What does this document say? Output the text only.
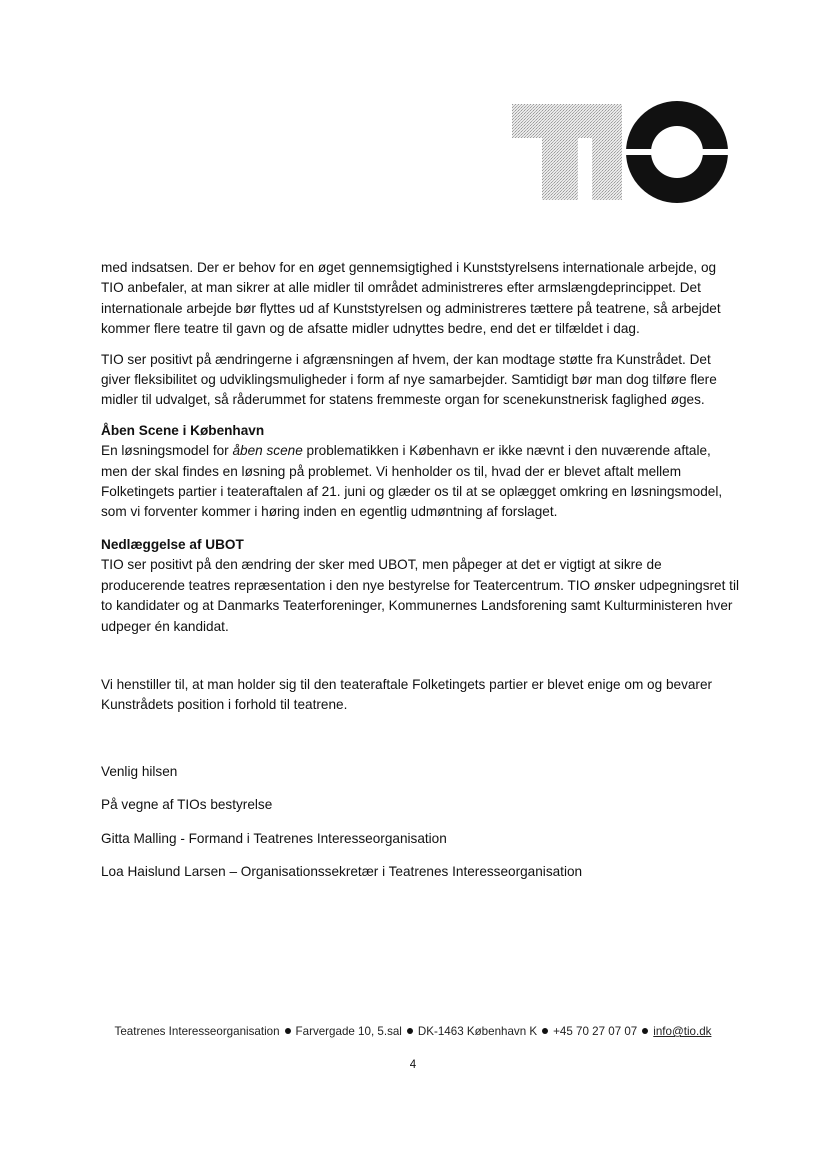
med indsatsen. Der er behov for en øget gennemsigtighed i Kunststyrelsens internationale arbejde, og TIO anbefaler, at man sikrer at alle midler til området administreres efter armslængdeprincippet. Det internationale arbejde bør flyttes ud af Kunststyrelsen og administreres tættere på teatrene, så arbejdet kommer flere teatre til gavn og de afsatte midler udnyttes bedre, end det er tilfældet i dag.

TIO ser positivt på ændringerne i afgrænsningen af hvem, der kan modtage støtte fra Kunstrådet. Det giver fleksibilitet og udviklingsmuligheder i form af nye samarbejder. Samtidigt bør man dog tilføre flere midler til udvalget, så råderummet for statens fremmeste organ for scenekunstnerisk faglighed øges.

Åben Scene i København

En løsningsmodel for åben scene problematikken i København er ikke nævnt i den nuværende aftale, men der skal findes en løsning på problemet. Vi henholder os til, hvad der er blevet aftalt mellem Folketingets partier i teateraftalen af 21. juni og glæder os til at se oplægget omkring en løsningsmodel, som vi forventer kommer i høring inden en egentlig udmøntning af forslaget.

Nedlæggelse af UBOT

TIO ser positivt på den ændring der sker med UBOT, men påpeger at det er vigtigt at sikre de producerende teatres repræsentation i den nye bestyrelse for Teatercentrum. TIO ønsker udpegningsret til to kandidater og at Danmarks Teaterforeninger, Kommunernes Landsforening samt Kulturministeren hver udpeger én kandidat.

Vi henstiller til, at man holder sig til den teateraftale Folketingets partier er blevet enige om og bevarer Kunstrådets position i forhold til teatrene.

Venlig hilsen

På vegne af TIOs bestyrelse

Gitta Malling - Formand i Teatrenes Interesseorganisation

Loa Haislund Larsen – Organisationssekretær i Teatrenes Interesseorganisation

Teatrenes Interesseorganisation Farvergade 10, 5.sal DK-1463 København K +45 70 27 07 07 info@tio.dk
4
